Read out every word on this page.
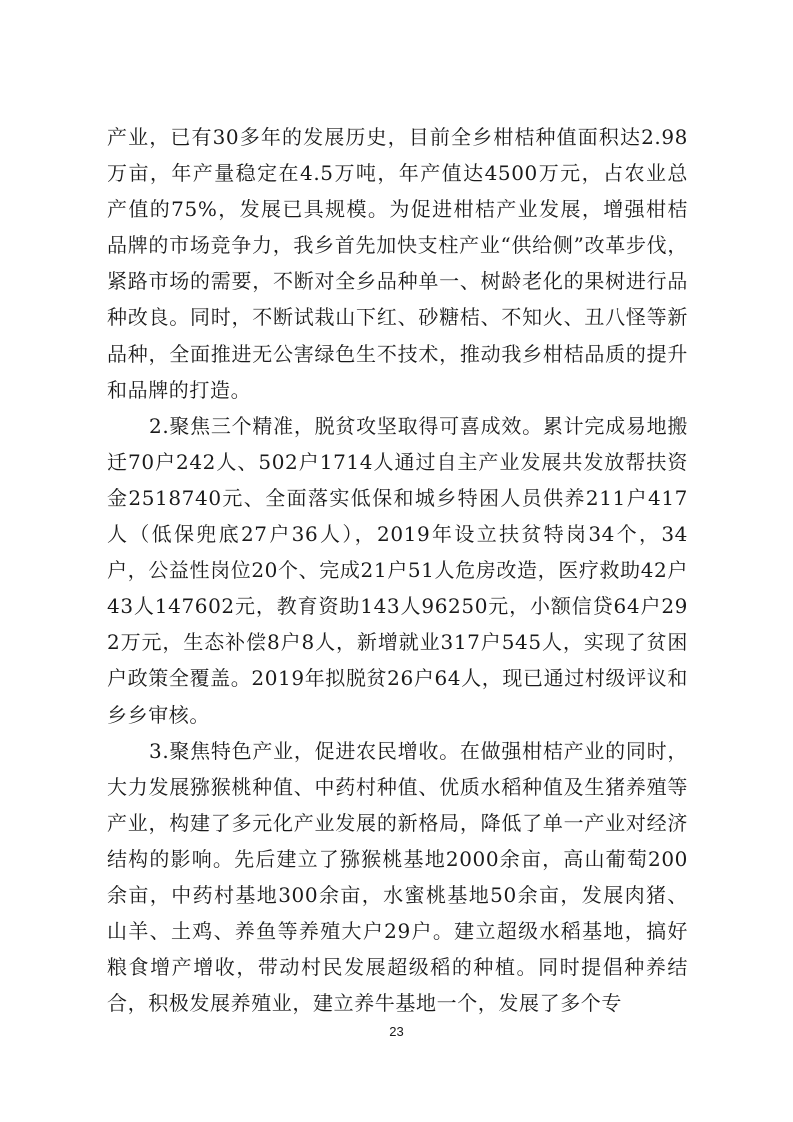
产业，已有30多年的发展历史，目前全乡柑桔种值面积达2.98万亩，年产量稳定在4.5万吨，年产值达4500万元，占农业总产值的75%，发展已具规模。为促进柑桔产业发展，增强柑桔品牌的市场竞争力，我乡首先加快支柱产业“供给侧”改革步伐，紧路市场的需要，不断对全乡品种单一、树龄老化的果树进行品种改良。同时，不断试栽山下红、砂糖桔、不知火、丑八怪等新品种，全面推进无公害绿色生不技术，推动我乡柑桔品质的提升和品牌的打造。

2.聚焦三个精准，脱贫攻坚取得可喜成效。累计完成易地搬迁70户242人、502户1714人通过自主产业发展共发放帮扶资金2518740元、全面落实低保和城乡特困人员供养211户417人（低保兜底27户36人），2019年设立扶贫特岗34个，34户，公益性岗位20个、完成21户51人危房改造，医疗救助42户43人147602元，教育资助143人96250元，小额信贷64户292万元，生态补偿8户8人，新增就业317户545人，实现了贫困户政策全覆盖。2019年拟脱贫26户64人，现已通过村级评议和乡乡审核。

3.聚焦特色产业，促进农民增收。在做强柑桔产业的同时，大力发展猕猴桃种值、中药村种值、优质水稻种值及生猪养殖等产业，构建了多元化产业发展的新格局，降低了单一产业对经济结构的影响。先后建立了猕猴桃基地2000余亩，高山葡萄200余亩，中药村基地300余亩，水蜜桃基地50余亩，发展肉猪、山羊、土鸡、养鱼等养殖大户29户。建立超级水稻基地，搞好粮食增产增收，带动村民发展超级稻的种植。同时提倡种养结合，积极发展养殖业，建立养牛基地一个，发展了多个专

23
